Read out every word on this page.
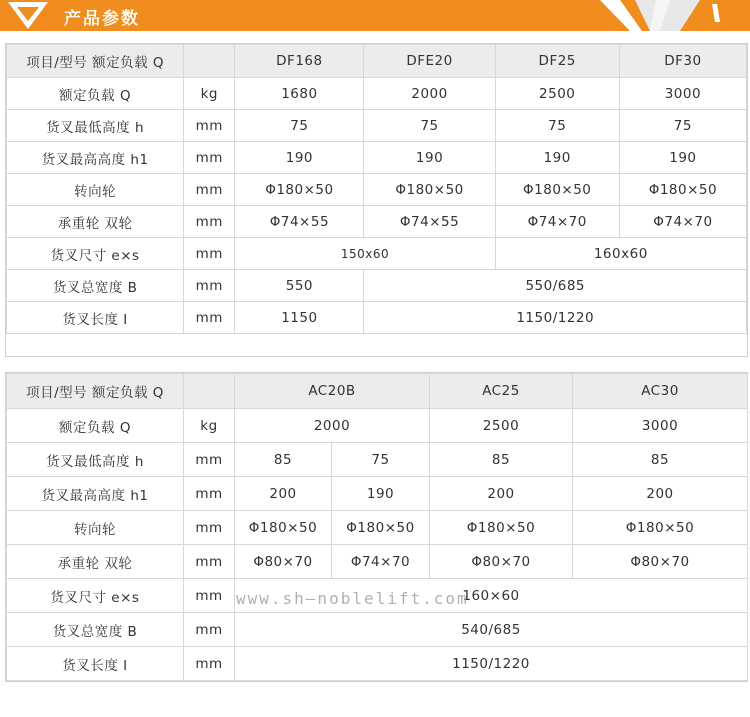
产品参数
项目/型号 额定负载 Q		DF168	DFE20	DF25	DF30
额定负载 Q	kg	1680	2000	2500	3000
货叉最低高度 h	mm	75	75	75	75
货叉最高高度 h1	mm	190	190	190	190
转向轮	mm	Φ180×50	Φ180×50	Φ180×50	Φ180×50
承重轮 双轮	mm	Φ74×55	Φ74×55	Φ74×70	Φ74×70
货叉尺寸 e×s	mm	150x60		160x60	
货叉总宽度 B	mm	550	550/685		
货叉长度 I	mm	1150	1150/1220		
项目/型号 额定负载 Q		AC20B		AC25	AC30
额定负载 Q	kg	2000		2500	3000
货叉最低高度 h	mm	85	75	85	85
货叉最高高度 h1	mm	200	190	200	200
转向轮	mm	Φ180×50	Φ180×50	Φ180×50	Φ180×50
承重轮 双轮	mm	Φ80×70	Φ74×70	Φ80×70	Φ80×70
货叉尺寸 e×s	mm	160×60			
货叉总宽度 B	mm	540/685			
货叉长度 I	mm	1150/1220			
www.sh—noblelift.com
